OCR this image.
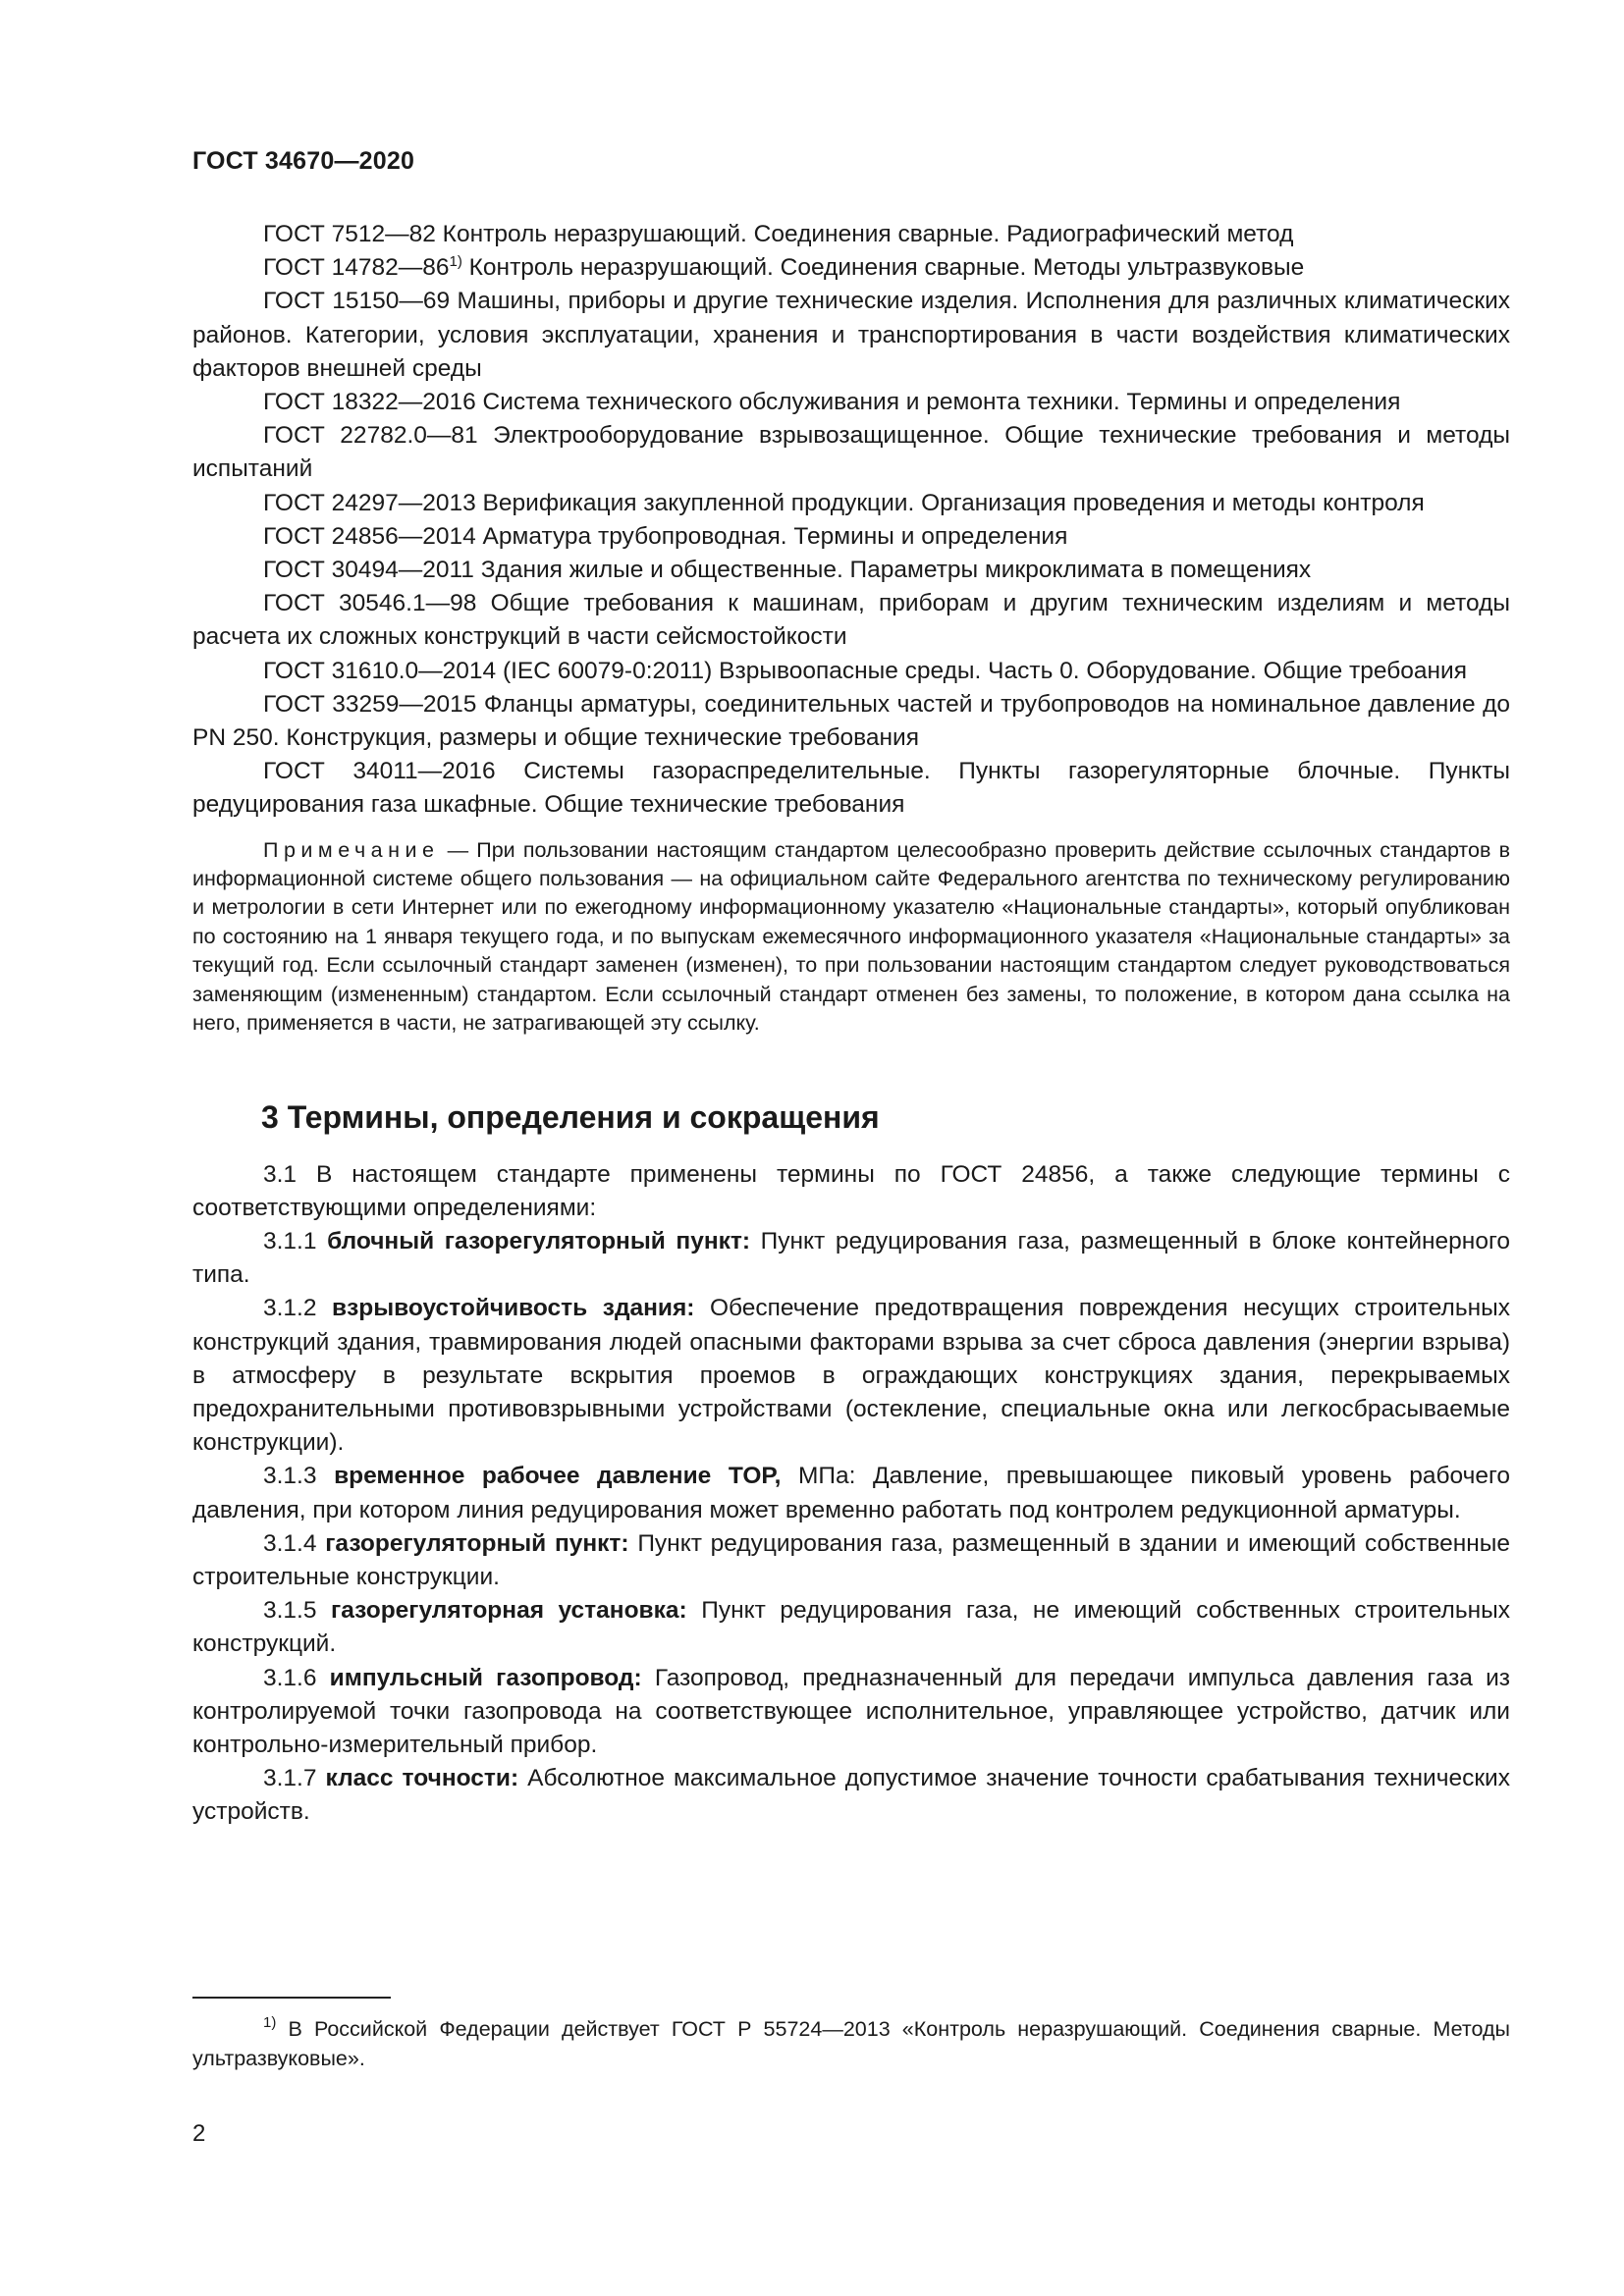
ГОСТ 34670—2020

ГОСТ 7512—82 Контроль неразрушающий. Соединения сварные. Радиографический метод

ГОСТ 14782—86$^{1)}$ Контроль неразрушающий. Соединения сварные. Методы ультразвуковые

ГОСТ 15150—69 Машины, приборы и другие технические изделия. Исполнения для различных климатических районов. Категории, условия эксплуатации, хранения и транспортирования в части воздействия климатических факторов внешней среды

ГОСТ 18322—2016 Система технического обслуживания и ремонта техники. Термины и определения

ГОСТ 22782.0—81 Электрооборудование взрывозащищенное. Общие технические требования и методы испытаний

ГОСТ 24297—2013 Верификация закупленной продукции. Организация проведения и методы контроля

ГОСТ 24856—2014 Арматура трубопроводная. Термины и определения

ГОСТ 30494—2011 Здания жилые и общественные. Параметры микроклимата в помещениях

ГОСТ 30546.1—98 Общие требования к машинам, приборам и другим техническим изделиям и методы расчета их сложных конструкций в части сейсмостойкости

ГОСТ 31610.0—2014 (IEC 60079-0:2011) Взрывоопасные среды. Часть 0. Оборудование. Общие требоания

ГОСТ 33259—2015 Фланцы арматуры, соединительных частей и трубопроводов на номинальное давление до PN 250. Конструкция, размеры и общие технические требования

ГОСТ 34011—2016 Системы газораспределительные. Пункты газорегуляторные блочные. Пункты редуцирования газа шкафные. Общие технические требования

Примечание — При пользовании настоящим стандартом целесообразно проверить действие ссылочных стандартов в информационной системе общего пользования — на официальном сайте Федерального агентства по техническому регулированию и метрологии в сети Интернет или по ежегодному информационному указателю «Национальные стандарты», который опубликован по состоянию на 1 января текущего года, и по выпускам ежемесячного информационного указателя «Национальные стандарты» за текущий год. Если ссылочный стандарт заменен (изменен), то при пользовании настоящим стандартом следует руководствоваться заменяющим (измененным) стандартом. Если ссылочный стандарт отменен без замены, то положение, в котором дана ссылка на него, применяется в части, не затрагивающей эту ссылку.

3 Термины, определения и сокращения

3.1 В настоящем стандарте применены термины по ГОСТ 24856, а также следующие термины с соответствующими определениями:

3.1.1 блочный газорегуляторный пункт: Пункт редуцирования газа, размещенный в блоке контейнерного типа.

3.1.2 взрывоустойчивость здания: Обеспечение предотвращения повреждения несущих строительных конструкций здания, травмирования людей опасными факторами взрыва за счет сброса давления (энергии взрыва) в атмосферу в результате вскрытия проемов в ограждающих конструкциях здания, перекрываемых предохранительными противовзрывными устройствами (остекление, специальные окна или легкосбрасываемые конструкции).

3.1.3 временное рабочее давление TOP, МПа: Давление, превышающее пиковый уровень рабочего давления, при котором линия редуцирования может временно работать под контролем редукционной арматуры.

3.1.4 газорегуляторный пункт: Пункт редуцирования газа, размещенный в здании и имеющий собственные строительные конструкции.

3.1.5 газорегуляторная установка: Пункт редуцирования газа, не имеющий собственных строительных конструкций.

3.1.6 импульсный газопровод: Газопровод, предназначенный для передачи импульса давления газа из контролируемой точки газопровода на соответствующее исполнительное, управляющее устройство, датчик или контрольно-измерительный прибор.

3.1.7 класс точности: Абсолютное максимальное допустимое значение точности срабатывания технических устройств.

$^{1)}$ В Российской Федерации действует ГОСТ Р 55724—2013 «Контроль неразрушающий. Соединения сварные. Методы ультразвуковые».
2
